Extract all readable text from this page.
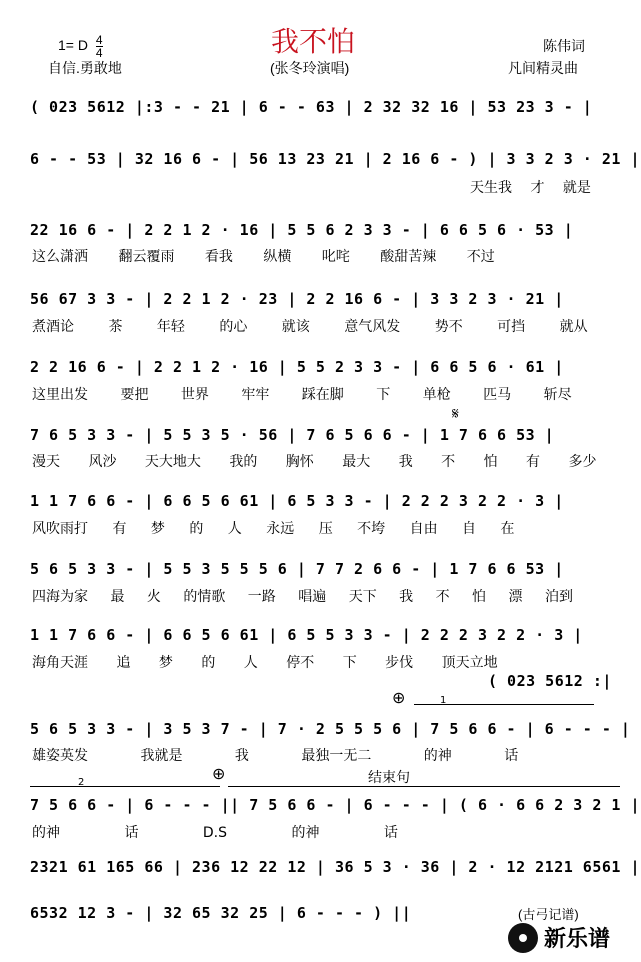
1= D $\frac{4}{4}$	我不怕
自信.勇敢地	(张冬玲演唱)
陈伟词
凡间精灵曲
( 023 5612 |:3 - - 21 | 6 - - 63 | 2 32 32 16 | 53 23 3 - |
6 - - 53 | 32 16 6 - | 56 13 23 21 | 2 16 6 - ) | 3 3 2 3 · 21 |
22 16 6 - | 2 2 1 2 · 16 | 5 5 6 2 3 3 - | 6 6 5 6 · 53 |
56 67 3 3 - | 2 2 1 2 · 23 | 2 2 16 6 - | 3 3 2 3 · 21 |
2 2 16 6 - | 2 2 1 2 · 16 | 5 5 2 3 3 - | 6 6 5 6 · 61 |
7 6 5 3 3 - | 5 5 3 5 · 56 | 7 6 5 6 6 - | 1 7 6 6 53 |
1 1 7 6 6 - | 6 6 5 6 61 | 6 5 3 3 - | 2 2 2 3 2 2 · 3 |
5 6 5 3 3 - | 5 5 3 5 5 5 6 | 7 7 2 6 6 - | 1 7 6 6 53 |
1 1 7 6 6 - | 6 6 5 6 61 | 6 5 5 3 3 - | 2 2 2 3 2 2 · 3 |
( 023 5612 :|
5 6 5 3 3 - | 3 5 3 7 - | 7 · 2 5 5 5 6 | 7 5 6 6 - | 6 - - - |
7 5 6 6 - | 6 - - - || 7 5 6 6 - | 6 - - - | ( 6 · 6 6 2 3 2 1 |
2321 61 165 66 | 236 12 22 12 | 36 5 3 · 36 | 2 · 12 2121 6561 |
6532 12 3 - | 32 65 32 25 | 6 - - - ) ||
天生我 才 就是
这么潇洒 翻云覆雨 看我 纵横 叱咤 酸甜苦辣 不过
煮酒论 茶 年轻 的心 就该 意气风发 势不 可挡 就从
这里出发 要把 世界 牢牢 踩在脚 下 单枪 匹马 斩尽
漫天 风沙 天大地大 我的 胸怀 最大 我 不 怕 有 多少
风吹雨打 有 梦 的 人 永远 压 不垮 自由 自 在
四海为家 最 火 的情歌 一路 唱遍 天下 我 不 怕 漂 泊到
海角天涯 追 梦 的 人 停不 下 步伐 顶天立地
雄姿英发 我就是 我 最独一无二 的神 话
的神 话 D.S 的神 话
𝄋
⊕
⊕
1
2	结束句
(古弓记谱)
新乐谱
